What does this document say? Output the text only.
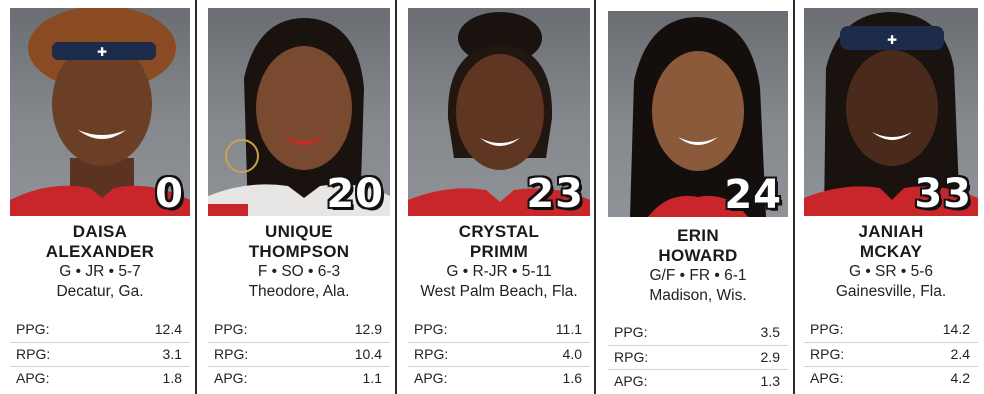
✚
0
DAISA
ALEXANDER
G • JR • 5-7
Decatur, Ga.
PPG:	12.4
RPG:	3.1
APG:	1.8
20
UNIQUE
THOMPSON
F • SO • 6-3
Theodore, Ala.
PPG:	12.9
RPG:	10.4
APG:	1.1
23
CRYSTAL
PRIMM
G • R-JR • 5-11
West Palm Beach, Fla.
PPG:	11.1
RPG:	4.0
APG:	1.6
24
ERIN
HOWARD
G/F • FR • 6-1
Madison, Wis.
PPG:	3.5
RPG:	2.9
APG:	1.3
✚
33
JANIAH
MCKAY
G • SR • 5-6
Gainesville, Fla.
PPG:	14.2
RPG:	2.4
APG:	4.2
